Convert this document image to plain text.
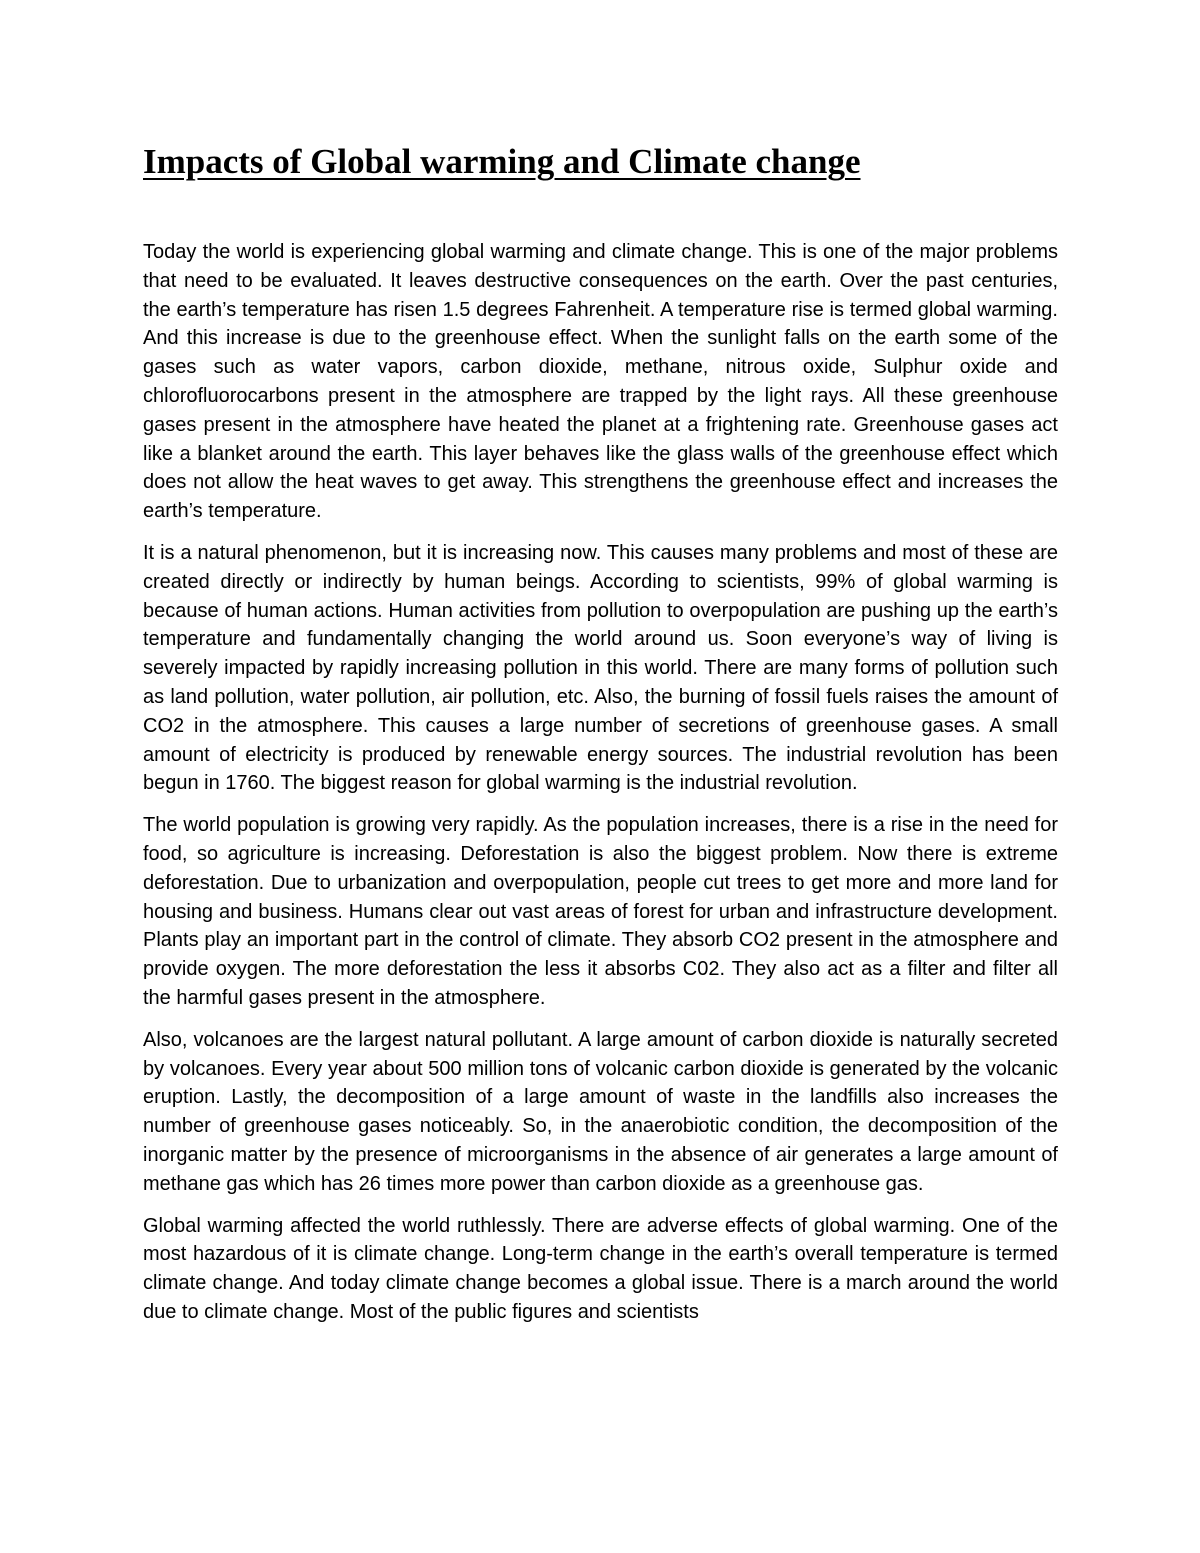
Impacts of Global warming and Climate change

Today the world is experiencing global warming and climate change. This is one of the major problems that need to be evaluated. It leaves destructive consequences on the earth. Over the past centuries, the earth’s temperature has risen 1.5 degrees Fahrenheit. A temperature rise is termed global warming. And this increase is due to the greenhouse effect. When the sunlight falls on the earth some of the gases such as water vapors, carbon dioxide, methane, nitrous oxide, Sulphur oxide and chlorofluorocarbons present in the atmosphere are trapped by the light rays. All these greenhouse gases present in the atmosphere have heated the planet at a frightening rate. Greenhouse gases act like a blanket around the earth. This layer behaves like the glass walls of the greenhouse effect which does not allow the heat waves to get away. This strengthens the greenhouse effect and increases the earth’s temperature.

It is a natural phenomenon, but it is increasing now. This causes many problems and most of these are created directly or indirectly by human beings. According to scientists, 99% of global warming is because of human actions. Human activities from pollution to overpopulation are pushing up the earth’s temperature and fundamentally changing the world around us. Soon everyone’s way of living is severely impacted by rapidly increasing pollution in this world. There are many forms of pollution such as land pollution, water pollution, air pollution, etc. Also, the burning of fossil fuels raises the amount of CO2 in the atmosphere. This causes a large number of secretions of greenhouse gases. A small amount of electricity is produced by renewable energy sources. The industrial revolution has been begun in 1760. The biggest reason for global warming is the industrial revolution.

The world population is growing very rapidly. As the population increases, there is a rise in the need for food, so agriculture is increasing. Deforestation is also the biggest problem. Now there is extreme deforestation. Due to urbanization and overpopulation, people cut trees to get more and more land for housing and business. Humans clear out vast areas of forest for urban and infrastructure development. Plants play an important part in the control of climate. They absorb CO2 present in the atmosphere and provide oxygen. The more deforestation the less it absorbs C02. They also act as a filter and filter all the harmful gases present in the atmosphere.

Also, volcanoes are the largest natural pollutant. A large amount of carbon dioxide is naturally secreted by volcanoes. Every year about 500 million tons of volcanic carbon dioxide is generated by the volcanic eruption. Lastly, the decomposition of a large amount of waste in the landfills also increases the number of greenhouse gases noticeably. So, in the anaerobiotic condition, the decomposition of the inorganic matter by the presence of microorganisms in the absence of air generates a large amount of methane gas which has 26 times more power than carbon dioxide as a greenhouse gas.

Global warming affected the world ruthlessly. There are adverse effects of global warming. One of the most hazardous of it is climate change. Long-term change in the earth’s overall temperature is termed climate change. And today climate change becomes a global issue. There is a march around the world due to climate change. Most of the public figures and scientists
